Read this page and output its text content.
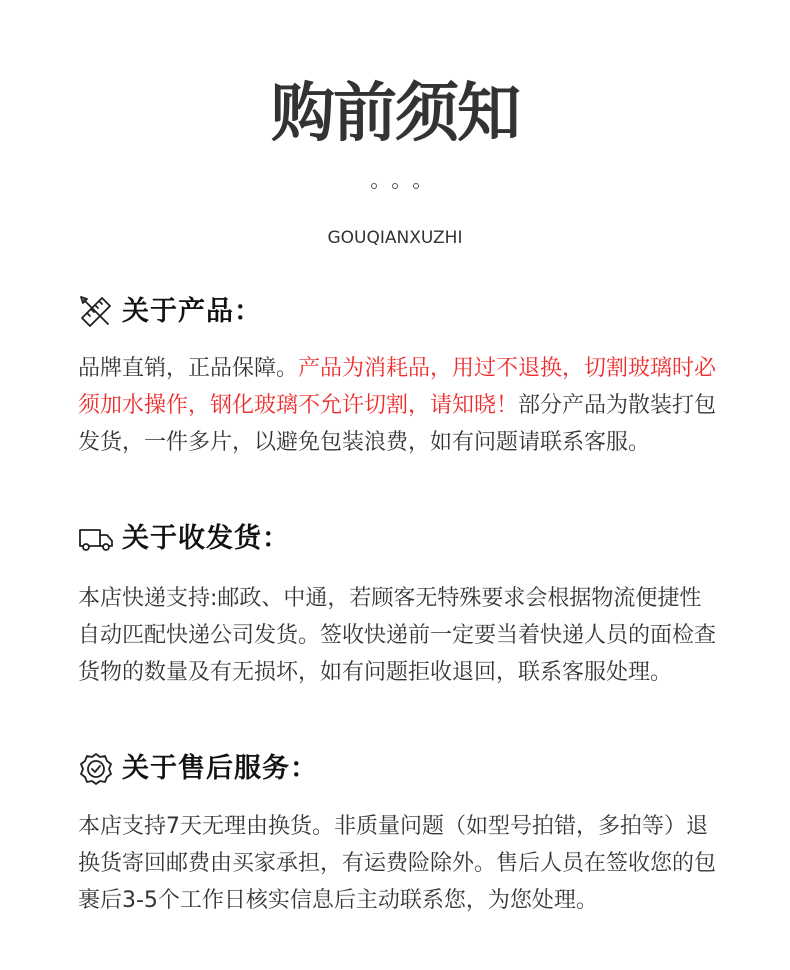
购前须知
GOUQIANXUZHI
关于产品：

品牌直销，正品保障。产品为消耗品，用过不退换，切割玻璃时必须加水操作，钢化玻璃不允许切割，请知晓！部分产品为散装打包发货，一件多片，以避免包装浪费，如有问题请联系客服。

关于收发货：

本店快递支持:邮政、中通，若顾客无特殊要求会根据物流便捷性自动匹配快递公司发货。签收快递前一定要当着快递人员的面检查货物的数量及有无损坏，如有问题拒收退回，联系客服处理。

关于售后服务：

本店支持7天无理由换货。非质量问题（如型号拍错，多拍等）退换货寄回邮费由买家承担，有运费险除外。售后人员在签收您的包裹后3-5个工作日核实信息后主动联系您，为您处理。
